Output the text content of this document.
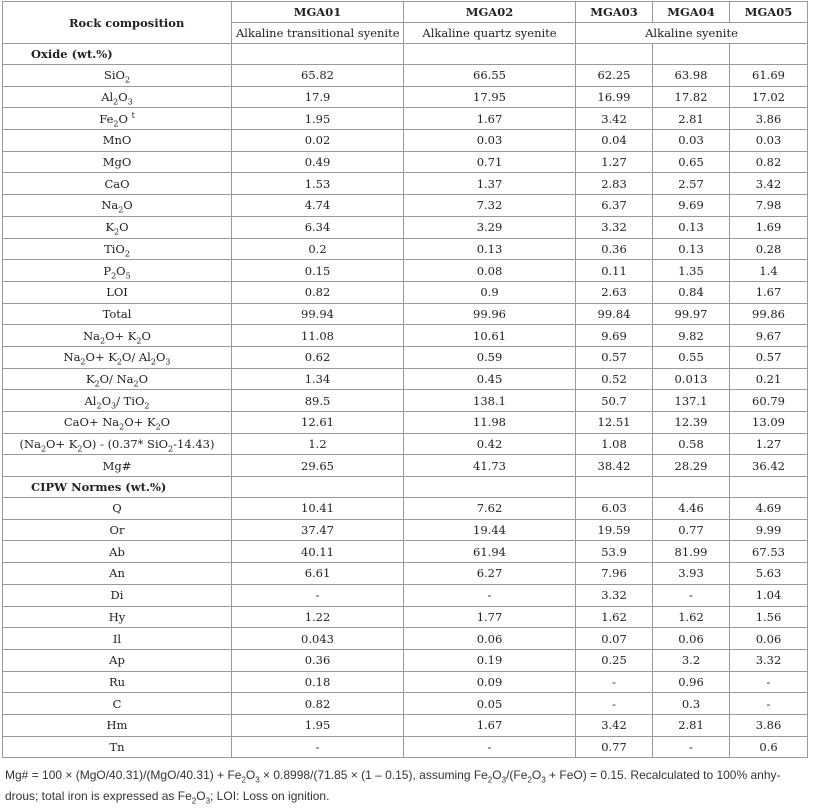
Rock composition	MGA01	MGA02	MGA03	MGA04	MGA05
	Alkaline transitional syenite	Alkaline quartz syenite	Alkaline syenite		
Oxide (wt.%)					
SiO$_2$	65.82	66.55	62.25	63.98	61.69
$Al_2O_3$	17.9	17.95	16.99	17.82	17.02
$Fe_2O$ $^t$	1.95	1.67	3.42	2.81	3.86
MnO	0.02	0.03	0.04	0.03	0.03
MgO	0.49	0.71	1.27	0.65	0.82
CaO	1.53	1.37	2.83	2.57	3.42
$Na_2O$	4.74	7.32	6.37	9.69	7.98
$K_2O$	6.34	3.29	3.32	0.13	1.69
TiO$_2$	0.2	0.13	0.36	0.13	0.28
$P_2O_5$	0.15	0.08	0.11	1.35	1.4
LOI	0.82	0.9	2.63	0.84	1.67
Total	99.94	99.96	99.84	99.97	99.86
$Na_2O+ K_2O$	11.08	10.61	9.69	9.82	9.67
$Na_2O+ K_2O/$ $Al_2O_3$	0.62	0.59	0.57	0.55	0.57
$K_2O/$ $Na_2O$	1.34	0.45	0.52	0.013	0.21
$Al_2O_3/$ TiO$_2$	89.5	138.1	50.7	137.1	60.79
$CaO+ Na_2O+ K_2O$	12.61	11.98	12.51	12.39	13.09
$(Na_2O+ K_2O) - (0.37*$ SiO$_2$-14.43)	1.2	0.42	1.08	0.58	1.27
Mg#	29.65	41.73	38.42	28.29	36.42
CIPW Normes (wt.%)					
Q	10.41	7.62	6.03	4.46	4.69
Or	37.47	19.44	19.59	0.77	9.99
Ab	40.11	61.94	53.9	81.99	67.53
An	6.61	6.27	7.96	3.93	5.63
Di	-	-	3.32	-	1.04
Hy	1.22	1.77	1.62	1.62	1.56
Il	0.043	0.06	0.07	0.06	0.06
Ap	0.36	0.19	0.25	3.2	3.32
Ru	0.18	0.09	-	0.96	-
C	0.82	0.05	-	0.3	-
Hm	1.95	1.67	3.42	2.81	3.86
Tn	-	-	0.77	-	0.6
Mg# = $100 \times (MgO/40.31)/(MgO/40.31) + Fe_2O_3 \times 0.8998/(71.85 \times (1 - 0.15)$, assuming $Fe_2O_3/(Fe_2O_3 + FeO) = 0.15$. Recalculated to 100% anhy-
drous; total iron is expressed as $Fe_2O_3$; LOI: Loss on ignition.
